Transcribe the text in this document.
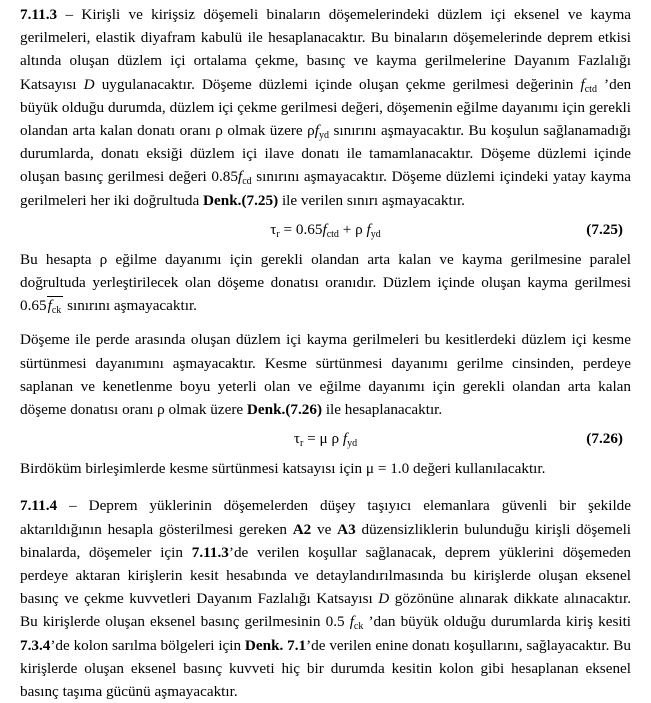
7.11.3 – Kirişli ve kirişsiz döşemeli binaların döşemelerindeki düzlem içi eksenel ve kayma gerilmeleri, elastik diyafram kabulü ile hesaplanacaktır. Bu binaların döşemelerinde deprem etkisi altında oluşan düzlem içi ortalama çekme, basınç ve kayma gerilmelerine Dayanım Fazlalığı Katsayısı D uygulanacaktır. Döşeme düzlemi içinde oluşan çekme gerilmesi değerinin $f_{ctd}$ ’den büyük olduğu durumda, düzlem içi çekme gerilmesi değeri, döşemenin eğilme dayanımı için gerekli olandan arta kalan donatı oranı ρ olmak üzere $\rho f_{yd}$ sınırını aşmayacaktır. Bu koşulun sağlanamadığı durumlarda, donatı eksiği düzlem içi ilave donatı ile tamamlanacaktır. Döşeme düzlemi içinde oluşan basınç gerilmesi değeri $0.85f_{cd}$ sınırını aşmayacaktır. Döşeme düzlemi içindeki yatay kayma gerilmeleri her iki doğrultuda Denk.(7.25) ile verilen sınırı aşmayacaktır.

$\tau_r = 0.65f_{ctd} + \rho$ $f_{yd}$	(7.25)

Bu hesapta ρ eğilme dayanımı için gerekli olandan arta kalan ve kayma gerilmesine paralel doğrultuda yerleştirilecek olan döşeme donatısı oranıdır. Düzlem içinde oluşan kayma gerilmesi $0.65f_{ck}$ sınırını aşmayacaktır.

Döşeme ile perde arasında oluşan düzlem içi kayma gerilmeleri bu kesitlerdeki düzlem içi kesme sürtünmesi dayanımını aşmayacaktır. Kesme sürtünmesi dayanımı gerilme cinsinden, perdeye saplanan ve kenetlenme boyu yeterli olan ve eğilme dayanımı için gerekli olandan arta kalan döşeme donatısı oranı ρ olmak üzere Denk.(7.26) ile hesaplanacaktır.

$\tau_r = \mu$ ρ $f_{yd}$	(7.26)

Birdöküm birleşimlerde kesme sürtünmesi katsayısı için μ = 1.0 değeri kullanılacaktır.

7.11.4 – Deprem yüklerinin döşemelerden düşey taşıyıcı elemanlara güvenli bir şekilde aktarıldığının hesapla gösterilmesi gereken A2 ve A3 düzensizliklerin bulunduğu kirişli döşemeli binalarda, döşemeler için 7.11.3’de verilen koşullar sağlanacak, deprem yüklerini döşemeden perdeye aktaran kirişlerin kesit hesabında ve detaylandırılmasında bu kirişlerde oluşan eksenel basınç ve çekme kuvvetleri Dayanım Fazlalığı Katsayısı D gözönüne alınarak dikkate alınacaktır. Bu kirişlerde oluşan eksenel basınç gerilmesinin 0.5 $f_{ck}$ ’dan büyük olduğu durumlarda kiriş kesiti 7.3.4’de kolon sarılma bölgeleri için Denk. 7.1’de verilen enine donatı koşullarını, sağlayacaktır. Bu kirişlerde oluşan eksenel basınç kuvveti hiç bir durumda kesitin kolon gibi hesaplanan eksenel basınç taşıma gücünü aşmayacaktır.
